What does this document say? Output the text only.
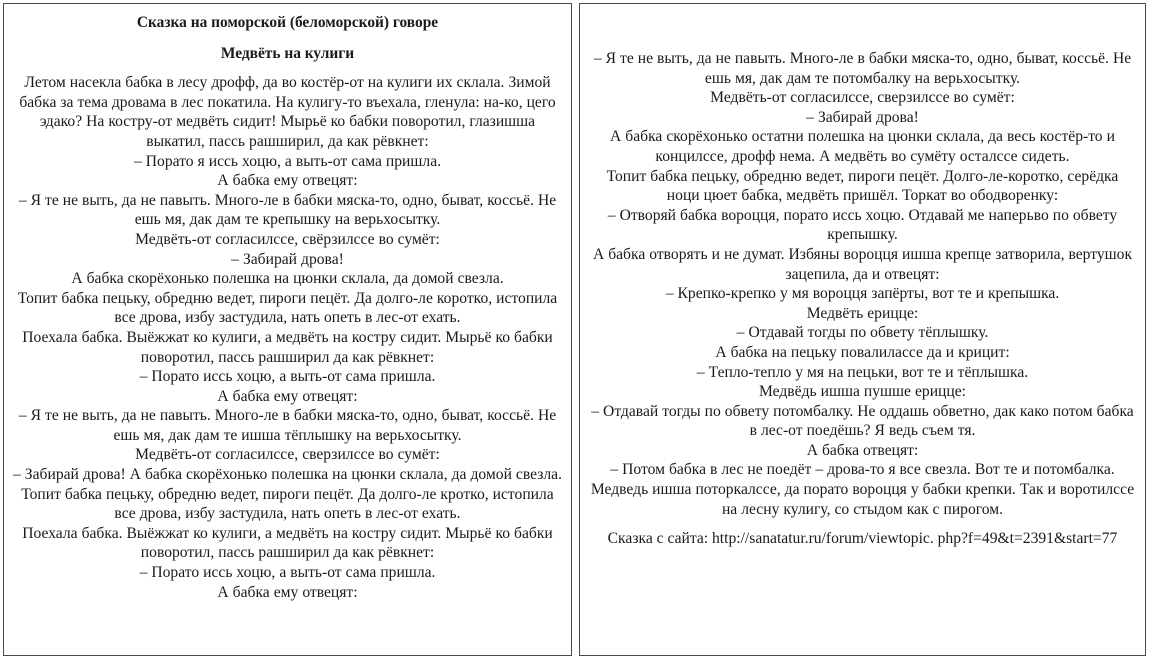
Сказка на поморской (беломорской) говоре
Медвёть на кулиги
Летом насекла бабка в лесу дрофф, да во костёр-от на кулиги их склала. Зимой бабка за тема дровама в лес покатила. На кулигу-то въехала, гленула: на-ко, цего эдако? На костру-от медвёть сидит! Мырьё ко бабки поворотил, глазишша выкатил, пассь рашширил, да как рёвкнет:
– Порато я иссь хоцю, а выть-от сама пришла.
А бабка ему отвецят:
– Я те не выть, да не павыть. Много-ле в бабки мяска-то, одно, быват, коссьё. Не ешь мя, дак дам те крепышку на верьхосытку.
Медвёть-от согласилссе, свёрзилссе во сумёт:
– Забирай дрова!
А бабка скорёхонько полешка на цюнки склала, да домой свезла.
Топит бабка пецьку, обредню ведет, пироги пецёт. Да долго-ле коротко, истопила все дрова, избу застудила, нать опеть в лес-от ехать.
Поехала бабка. Выёжжат ко кулиги, а медвёть на костру сидит. Мырьё ко бабки поворотил, пассь рашширил да как рёвкнет:
– Порато иссь хоцю, а выть-от сама пришла.
А бабка ему отвецят:
– Я те не выть, да не павыть. Много-ле в бабки мяска-то, одно, быват, коссьё. Не ешь мя, дак дам те ишша тёплышку на верьхосытку.
Медвёть-от согласилссе, сверзилссе во сумёт:
– Забирай дрова! А бабка скорёхонько полешка на цюнки склала, да домой свезла.
Топит бабка пецьку, обредню ведет, пироги пецёт. Да долго-ле кротко, истопила все дрова, избу застудила, нать опеть в лес-от ехать.
Поехала бабка. Выёжжат ко кулиги, а медвёть на костру сидит. Мырьё ко бабки поворотил, пассь рашширил да как рёвкнет:
– Порато иссь хоцю, а выть-от сама пришла.
А бабка ему отвецят:
– Я те не выть, да не павыть. Много-ле в бабки мяска-то, одно, быват, коссьё. Не ешь мя, дак дам те потомбалку на верьхосытку.
Медвёть-от согласилссе, сверзилссе во сумёт:
– Забирай дрова!
А бабка скорёхонько остатни полешка на цюнки склала, да весь костёр-то и концилссе, дрофф нема. А медвёть во сумёту осталссе сидеть.
Топит бабка пецьку, обредню ведет, пироги пецёт. Долго-ле-коротко, серёдка ноци цюет бабка, медвёть пришёл. Торкат во ободворенку:
– Отворяй бабка вороцця, порато иссь хоцю. Отдавай ме наперьво по обвету крепышку.
А бабка отворять и не думат. Избяны вороцця ишша крепце затворила, вертушок зацепила, да и отвецят:
– Крепко-крепко у мя вороцця запёрты, вот те и крепышка.
Медвёть ерицце:
– Отдавай тогды по обвету тёплышку.
А бабка на пецьку повалилассе да и крицит:
– Тепло-тепло у мя на пецьки, вот те и тёплышка.
Медвёдь ишша пушше ерицце:
– Отдавай тогды по обвету потомбалку. Не оддашь обветно, дак како потом бабка в лес-от поедёшь? Я ведь съем тя.
А бабка отвецят:
– Потом бабка в лес не поедёт – дрова-то я все свезла. Вот те и потомбалка.
Медведь ишша поторкалссе, да порато вороцця у бабки крепки. Так и воротилссе на лесну кулигу, со стыдом как с пирогом.
Сказка с сайта: http://sanatatur.ru/forum/viewtopic. php?f=49&t=2391&start=77
